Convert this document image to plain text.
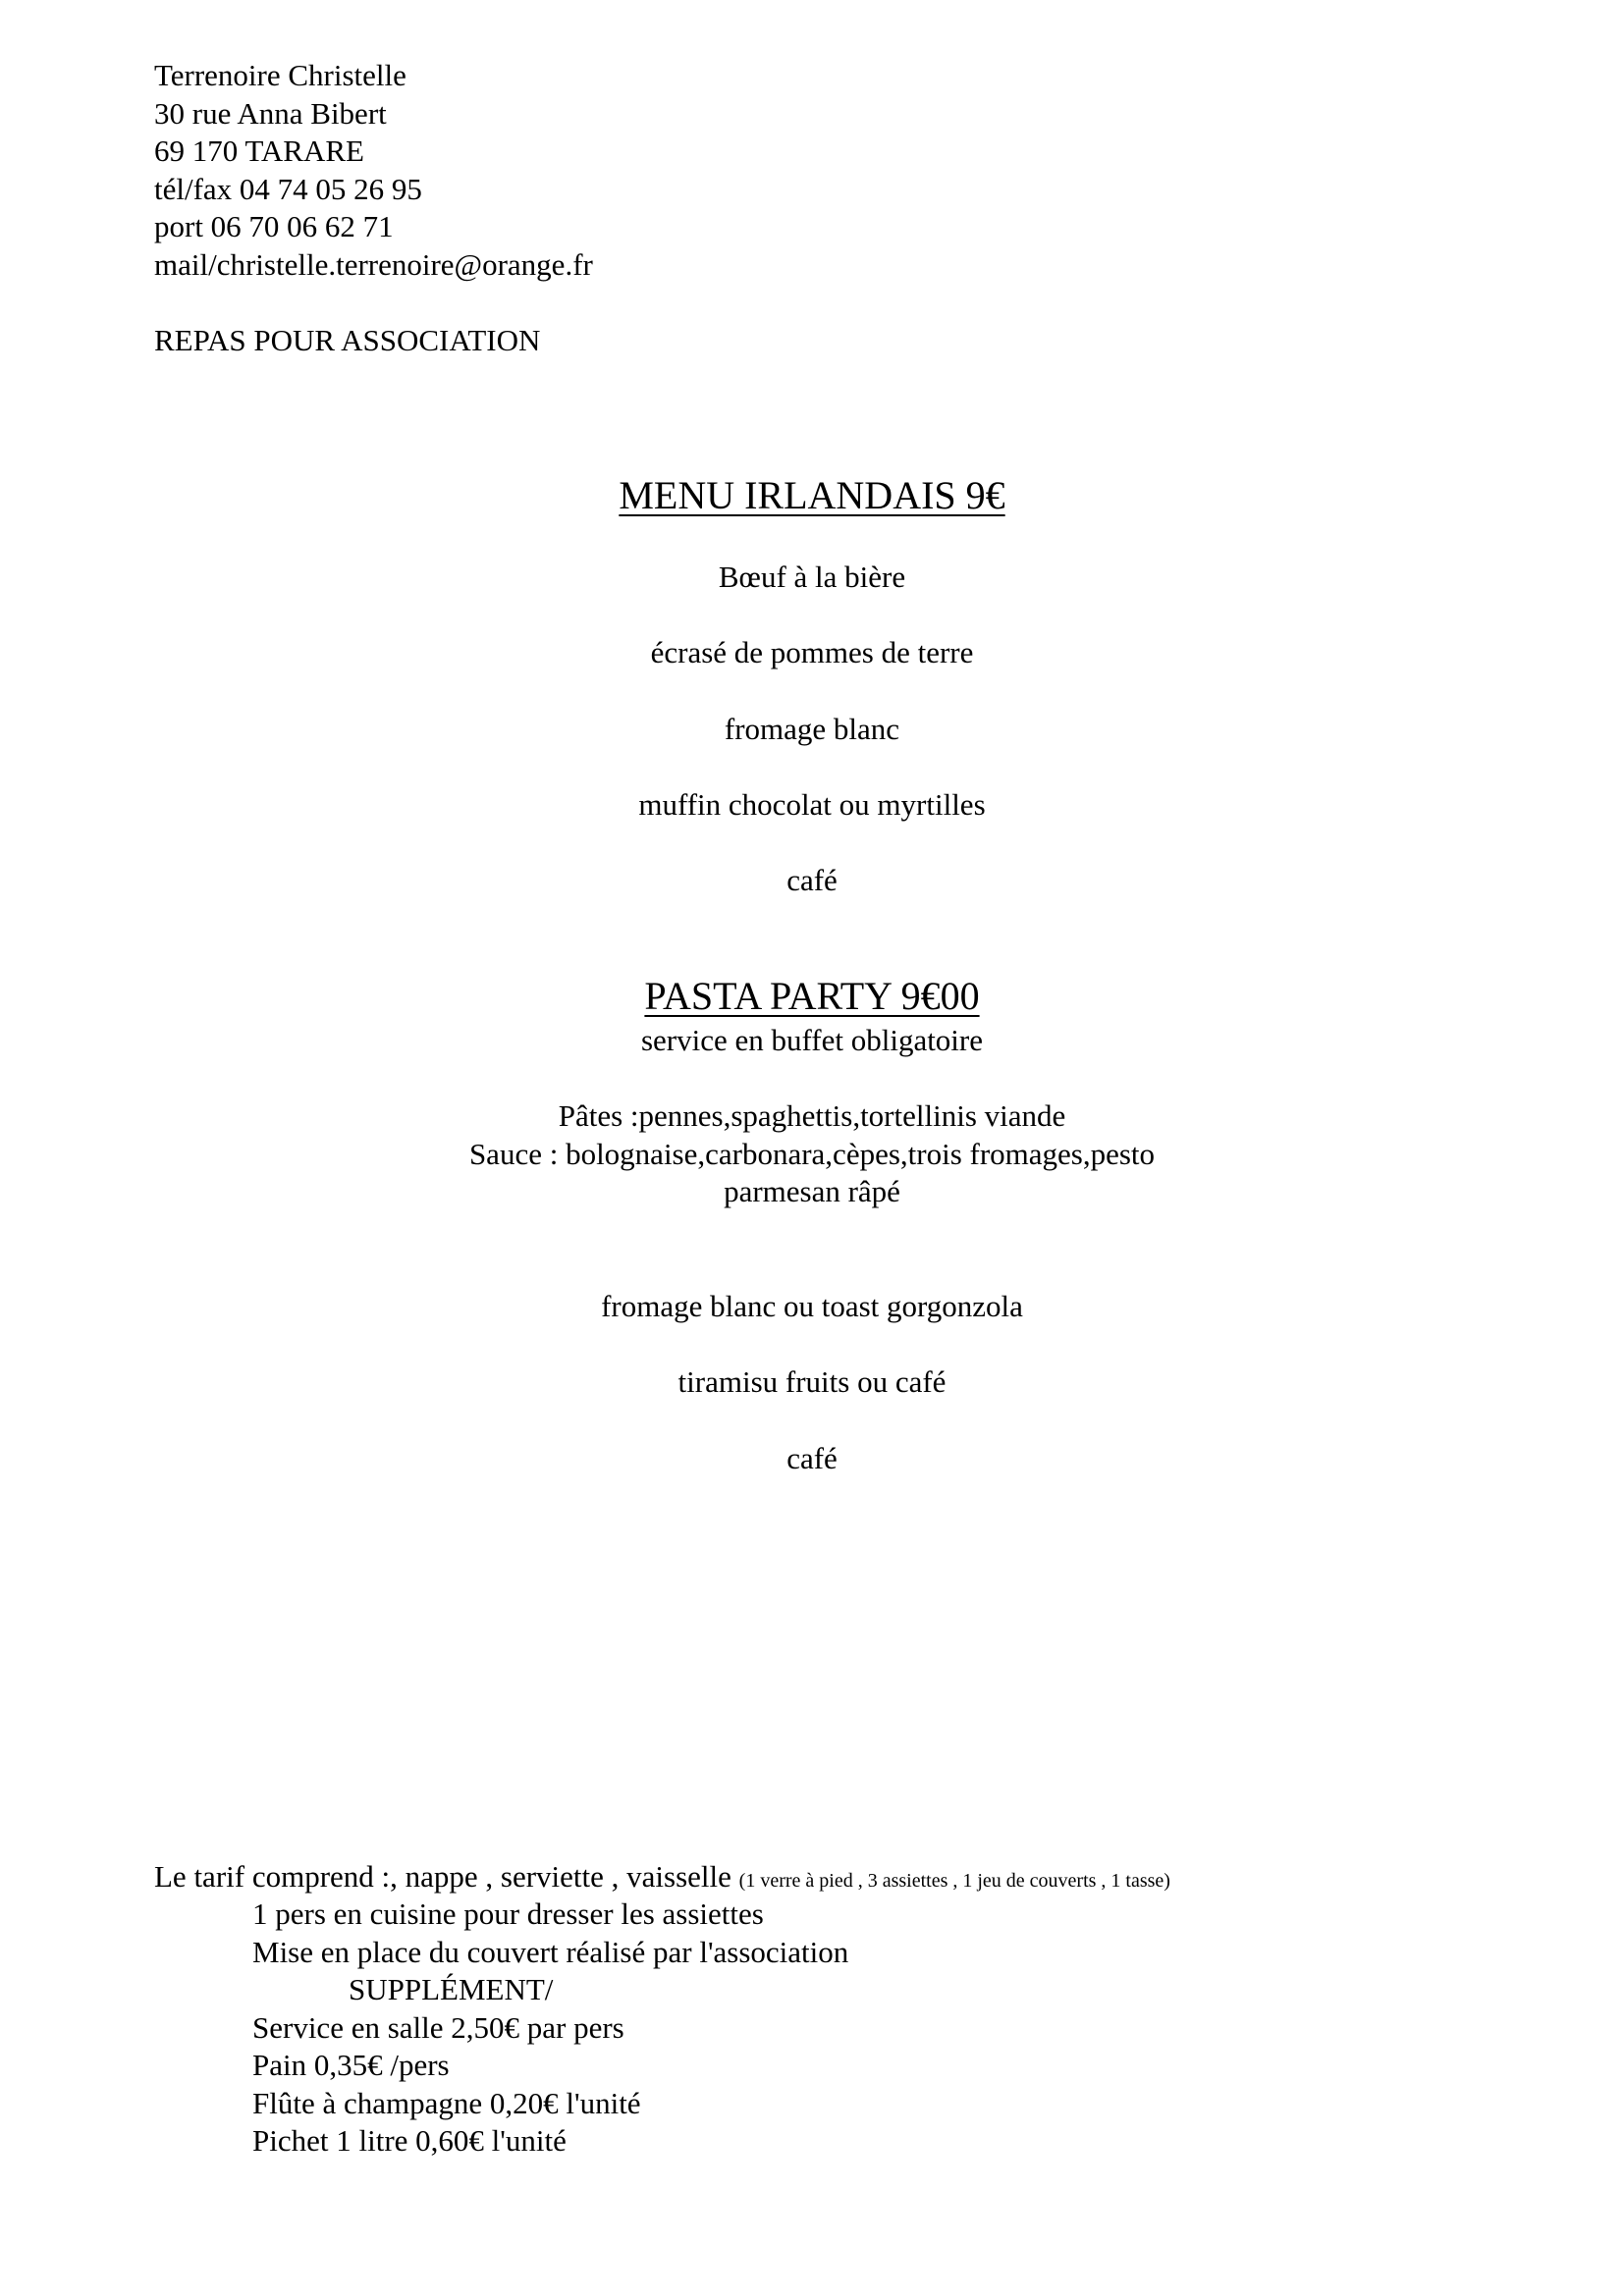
Terrenoire Christelle
30 rue Anna Bibert
69 170 TARARE
tél/fax 04 74 05 26 95
port 06 70 06 62 71
mail/christelle.terrenoire@orange.fr
REPAS POUR ASSOCIATION
MENU IRLANDAIS 9€
Bœuf à la bière
écrasé de pommes de terre
fromage blanc
muffin chocolat ou myrtilles
café
PASTA PARTY 9€00
service en buffet obligatoire
Pâtes :pennes,spaghettis,tortellinis viande
Sauce : bolognaise,carbonara,cèpes,trois fromages,pesto
parmesan râpé
fromage blanc ou toast gorgonzola
tiramisu fruits ou café
café
Le tarif comprend :, nappe , serviette , vaisselle (1 verre à pied , 3 assiettes , 1 jeu de couverts , 1 tasse)
1 pers en cuisine pour dresser les assiettes
Mise en place du couvert réalisé par l'association
SUPPLÉMENT/
Service en salle 2,50€ par pers
Pain 0,35€ /pers
Flûte à champagne 0,20€ l'unité
Pichet 1 litre 0,60€ l'unité
